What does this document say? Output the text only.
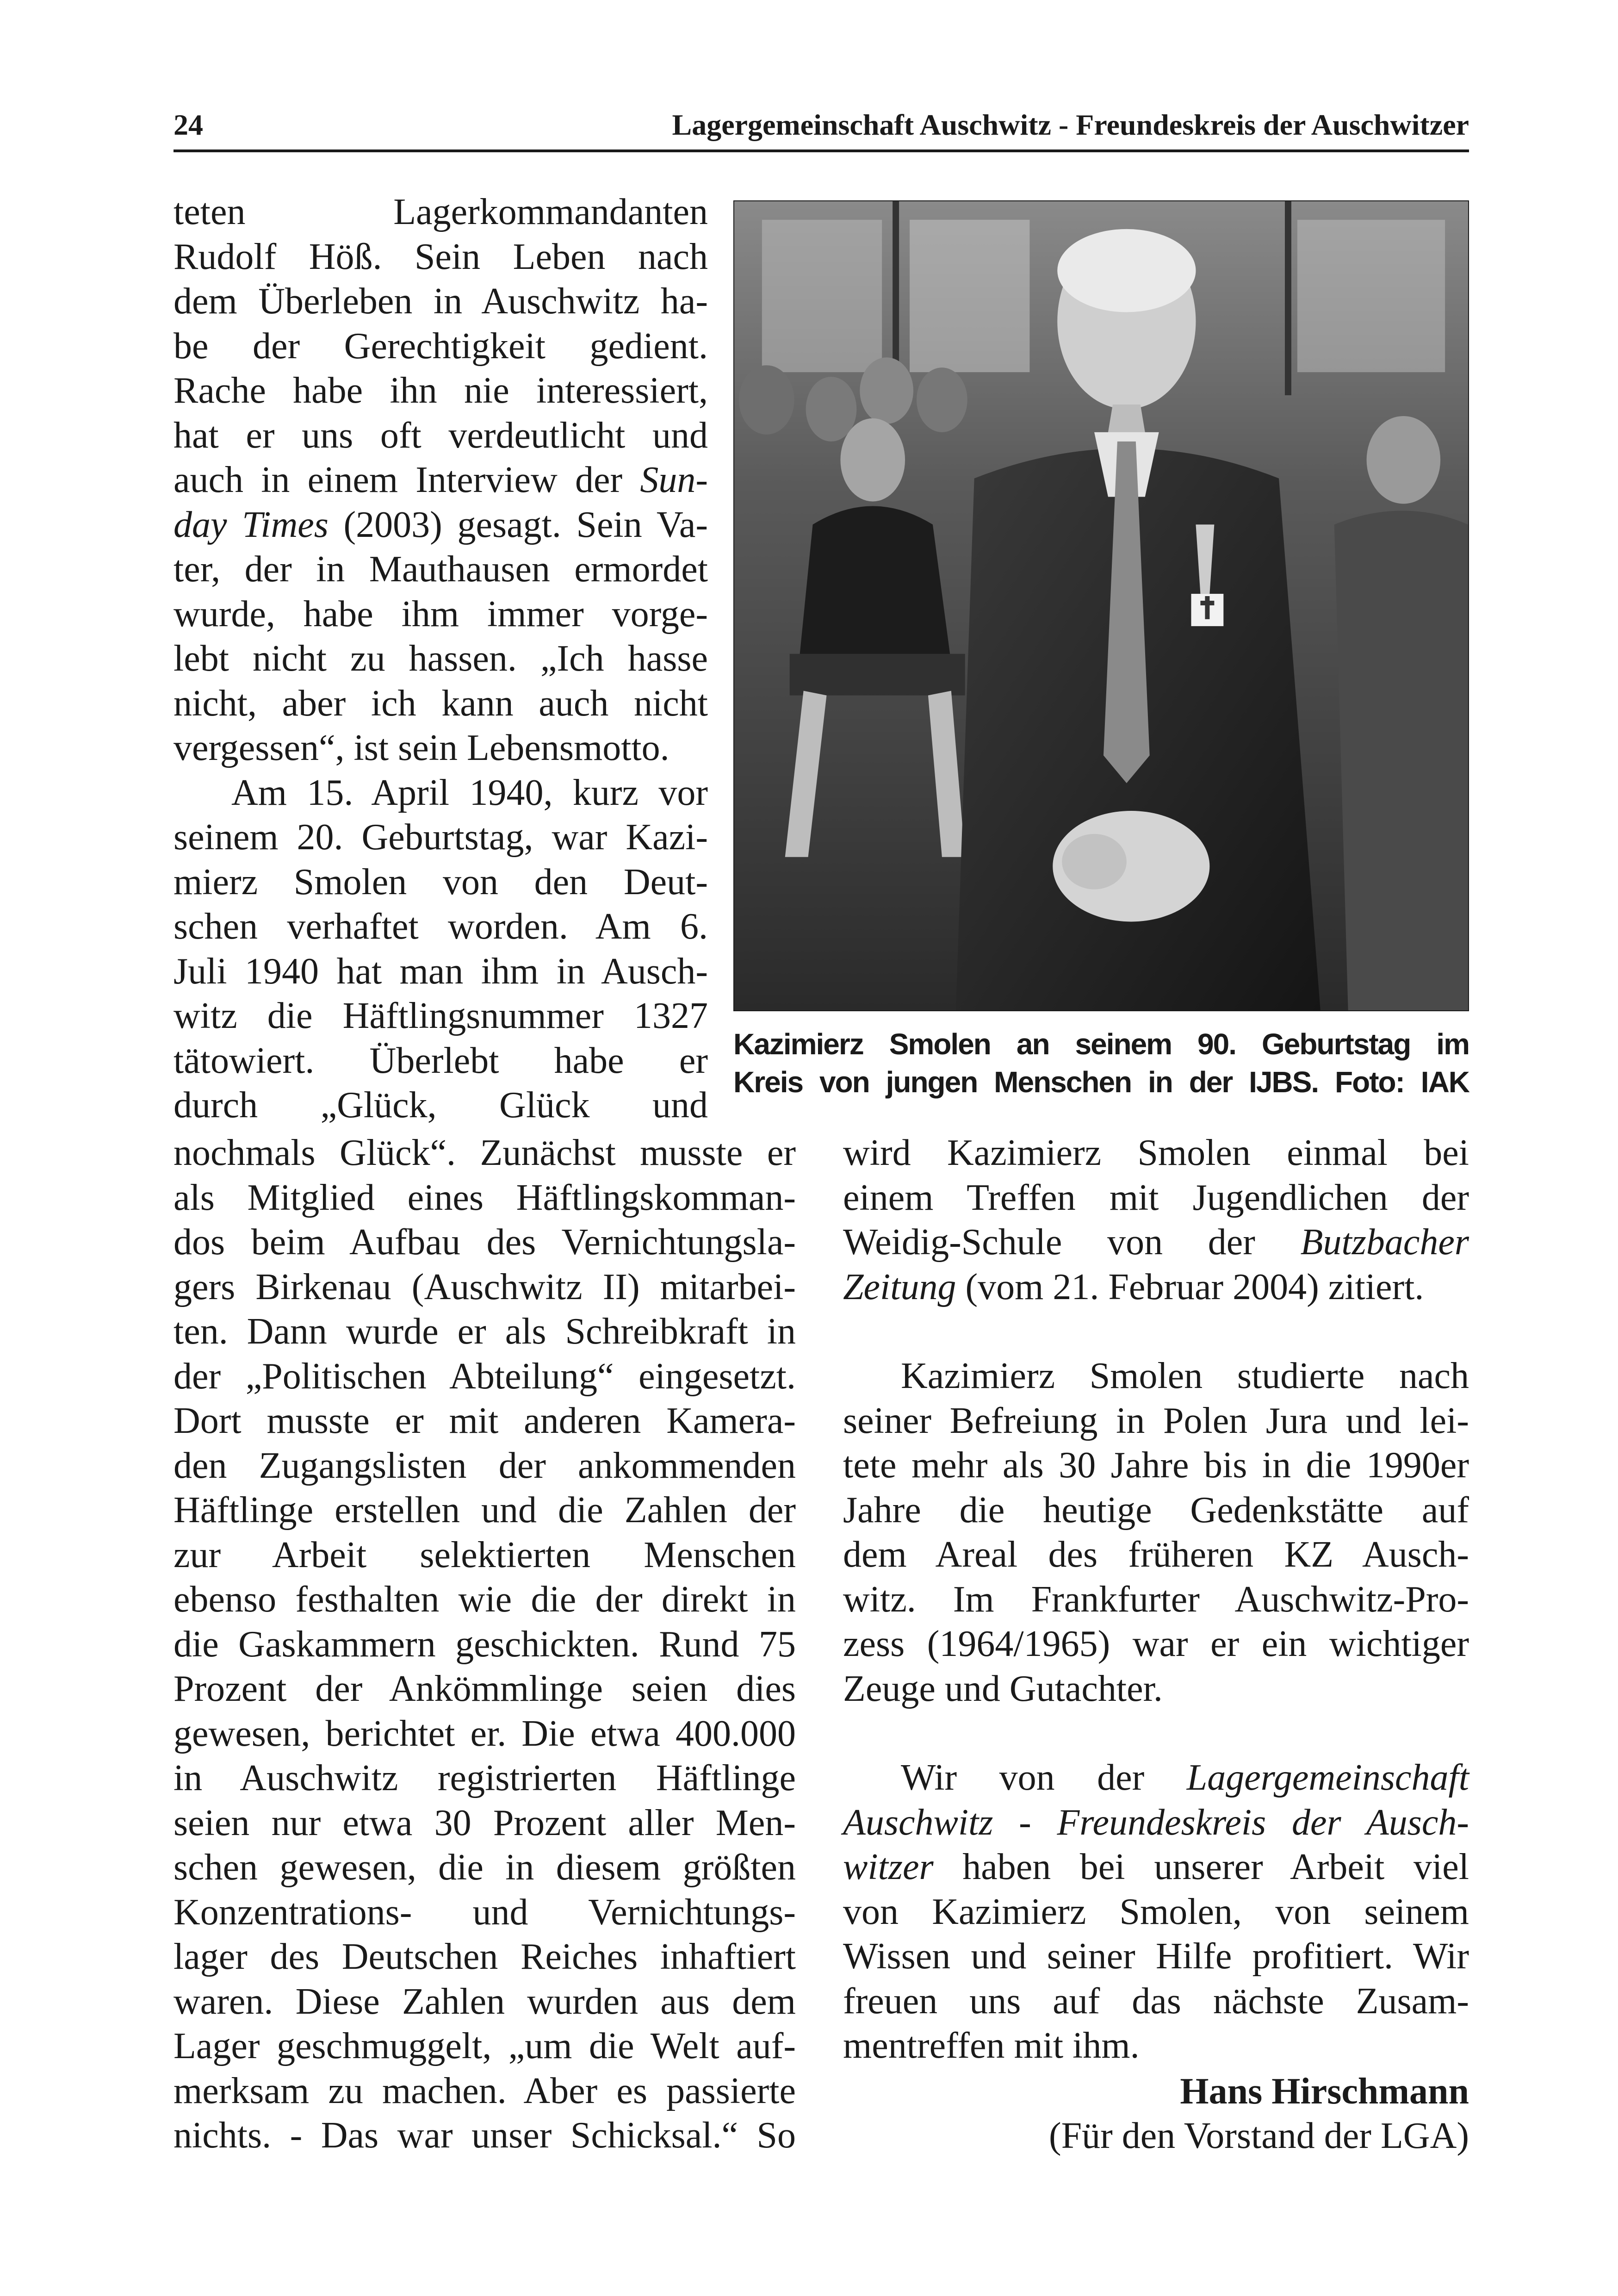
24	Lagergemeinschaft Auschwitz - Freundeskreis der Auschwitzer
teten Lagerkommandanten
Rudolf Höß. Sein Leben nach
dem Überleben in Auschwitz ha-
be der Gerechtigkeit gedient.
Rache habe ihn nie interessiert,
hat er uns oft verdeutlicht und
auch in einem Interview der Sun-
day Times (2003) gesagt. Sein Va-
ter, der in Mauthausen ermordet
wurde, habe ihm immer vorge-
lebt nicht zu hassen. „Ich hasse
nicht, aber ich kann auch nicht
vergessen“, ist sein Lebensmotto.
Am 15. April 1940, kurz vor
seinem 20. Geburtstag, war Kazi-
mierz Smolen von den Deut-
schen verhaftet worden. Am 6.
Juli 1940 hat man ihm in Ausch-
witz die Häftlingsnummer 1327
tätowiert. Überlebt habe er
durch „Glück, Glück und
Kazimierz Smolen an seinem 90. Geburtstag im
Kreis von jungen Menschen in der IJBS. Foto: IAK
nochmals Glück“. Zunächst musste er
als Mitglied eines Häftlingskomman-
dos beim Aufbau des Vernichtungsla-
gers Birkenau (Auschwitz II) mitarbei-
ten. Dann wurde er als Schreibkraft in
der „Politischen Abteilung“ eingesetzt.
Dort musste er mit anderen Kamera-
den Zugangslisten der ankommenden
Häftlinge erstellen und die Zahlen der
zur Arbeit selektierten Menschen
ebenso festhalten wie die der direkt in
die Gaskammern geschickten. Rund 75
Prozent der Ankömmlinge seien dies
gewesen, berichtet er. Die etwa 400.000
in Auschwitz registrierten Häftlinge
seien nur etwa 30 Prozent aller Men-
schen gewesen, die in diesem größten
Konzentrations- und Vernichtungs-
lager des Deutschen Reiches inhaftiert
waren. Diese Zahlen wurden aus dem
Lager geschmuggelt, „um die Welt auf-
merksam zu machen. Aber es passierte
nichts. - Das war unser Schicksal.“ So
wird Kazimierz Smolen einmal bei
einem Treffen mit Jugendlichen der
Weidig-Schule von der Butzbacher
Zeitung (vom 21. Februar 2004) zitiert.
Kazimierz Smolen studierte nach
seiner Befreiung in Polen Jura und lei-
tete mehr als 30 Jahre bis in die 1990er
Jahre die heutige Gedenkstätte auf
dem Areal des früheren KZ Ausch-
witz. Im Frankfurter Auschwitz-Pro-
zess (1964/1965) war er ein wichtiger
Zeuge und Gutachter.
Wir von der Lagergemeinschaft
Auschwitz - Freundeskreis der Ausch-
witzer haben bei unserer Arbeit viel
von Kazimierz Smolen, von seinem
Wissen und seiner Hilfe profitiert. Wir
freuen uns auf das nächste Zusam-
mentreffen mit ihm.
Hans Hirschmann
(Für den Vorstand der LGA)
